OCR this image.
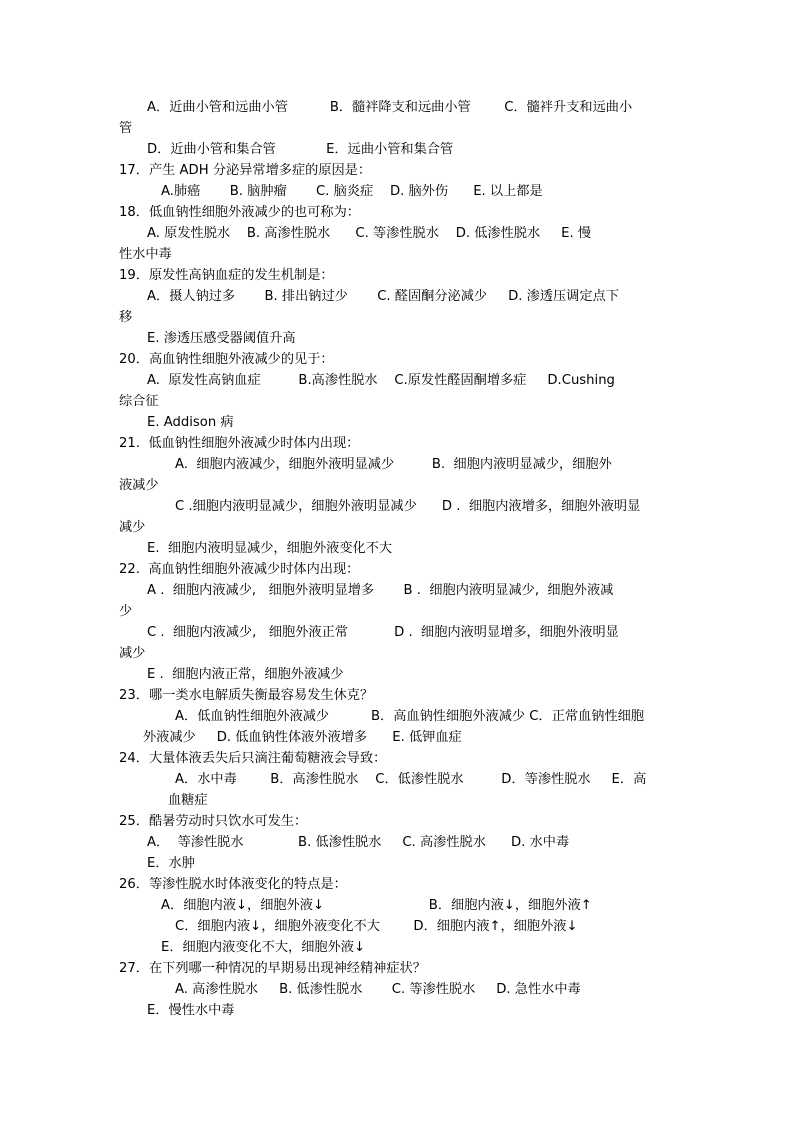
A．近曲小管和远曲小管          B．髓袢降支和远曲小管        C．髓袢升支和远曲小
管
D．近曲小管和集合管            E．远曲小管和集合管
17．产生 ADH 分泌异常增多症的原因是：
A.肺癌       B. 脑肿瘤       C. 脑炎症    D. 脑外伤      E. 以上都是
18．低血钠性细胞外液减少的也可称为：
A. 原发性脱水    B. 高渗性脱水      C. 等渗性脱水    D. 低渗性脱水     E. 慢
性水中毒
19．原发性高钠血症的发生机制是：
A．摄人钠过多       B. 排出钠过少       C. 醛固酮分泌减少     D. 渗透压调定点下
移
E. 渗透压感受器阈值升高
20．高血钠性细胞外液减少的见于：
A.  原发性高钠血症         B.高渗性脱水    C.原发性醛固酮增多症     D.Cushing
综合征
E. Addison 病
21.  低血钠性细胞外液减少时体内出现：
A.  细胞内液减少，细胞外液明显减少         B.  细胞内液明显减少，细胞外
液减少
C .细胞内液明显减少，细胞外液明显减少      D .  细胞内液增多，细胞外液明显
减少
E.  细胞内液明显减少，细胞外液变化不大
22.  高血钠性细胞外液减少时体内出现：
A .  细胞内液减少,   细胞外液明显增多       B .  细胞内液明显减少,  细胞外液减
少
C .  细胞内液减少,   细胞外液正常           D .  细胞内液明显增多，细胞外液明显
减少
E .  细胞内液正常，细胞外液减少
23．哪一类水电解质失衡最容易发生休克？
A．低血钠性细胞外液减少          B．高血钠性细胞外液减少 C．正常血钠性细胞
外液减少     D. 低血钠性体液外液增多      E. 低钾血症
24．大量体液丢失后只滴注葡萄糖液会导致：
A．水中毒        B．高渗性脱水    C．低渗性脱水         D．等渗性脱水     E．高
血糖症
25．酷暑劳动时只饮水可发生：
A．  等渗性脱水             B. 低渗性脱水     C. 高渗性脱水      D. 水中毒
E．水肿
26．等渗性脱水时体液变化的特点是：
A．细胞内液↓，细胞外液↓                         B．细胞内液↓，细胞外液↑
C．细胞内液↓，细胞外液变化不大        D．细胞内液↑，细胞外液↓
E．细胞内液变化不大，细胞外液↓
27．在下列哪一种情况的早期易出现神经精神症状？
A. 高渗性脱水     B. 低渗性脱水       C. 等渗性脱水     D. 急性水中毒
E．慢性水中毒
